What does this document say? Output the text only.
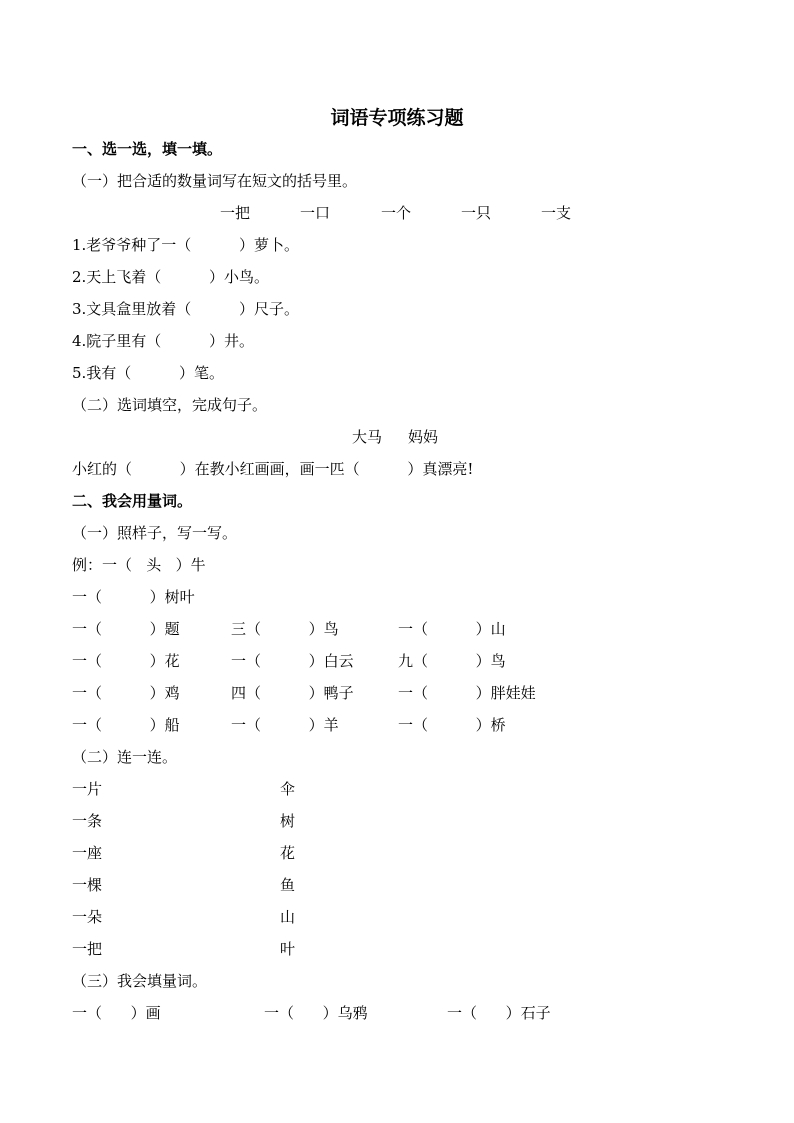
词语专项练习题
一、选一选，填一填。
（一）把合适的数量词写在短文的括号里。
一把	一口	一个	一只	一支
1.老爷爷种了一（          ）萝卜。
2.天上飞着（          ）小鸟。
3.文具盒里放着（          ）尺子。
4.院子里有（          ）井。
5.我有（          ）笔。
（二）选词填空，完成句子。
大马 妈妈
小红的（          ）在教小红画画，画一匹（          ）真漂亮!
二、我会用量词。
（一）照样子，写一写。
例：一（   头   ）牛
一（          ）树叶
一（          ）题	三（          ）鸟	一（          ）山
一（          ）花	一（          ）白云	九（          ）鸟
一（          ）鸡	四（          ）鸭子	一（          ）胖娃娃
一（          ）船	一（          ）羊	一（          ）桥
（二）连一连。
一片	伞
一条	树
一座	花
一棵	鱼
一朵	山
一把	叶
（三）我会填量词。
一（      ）画	一（      ）乌鸦	一（      ）石子
